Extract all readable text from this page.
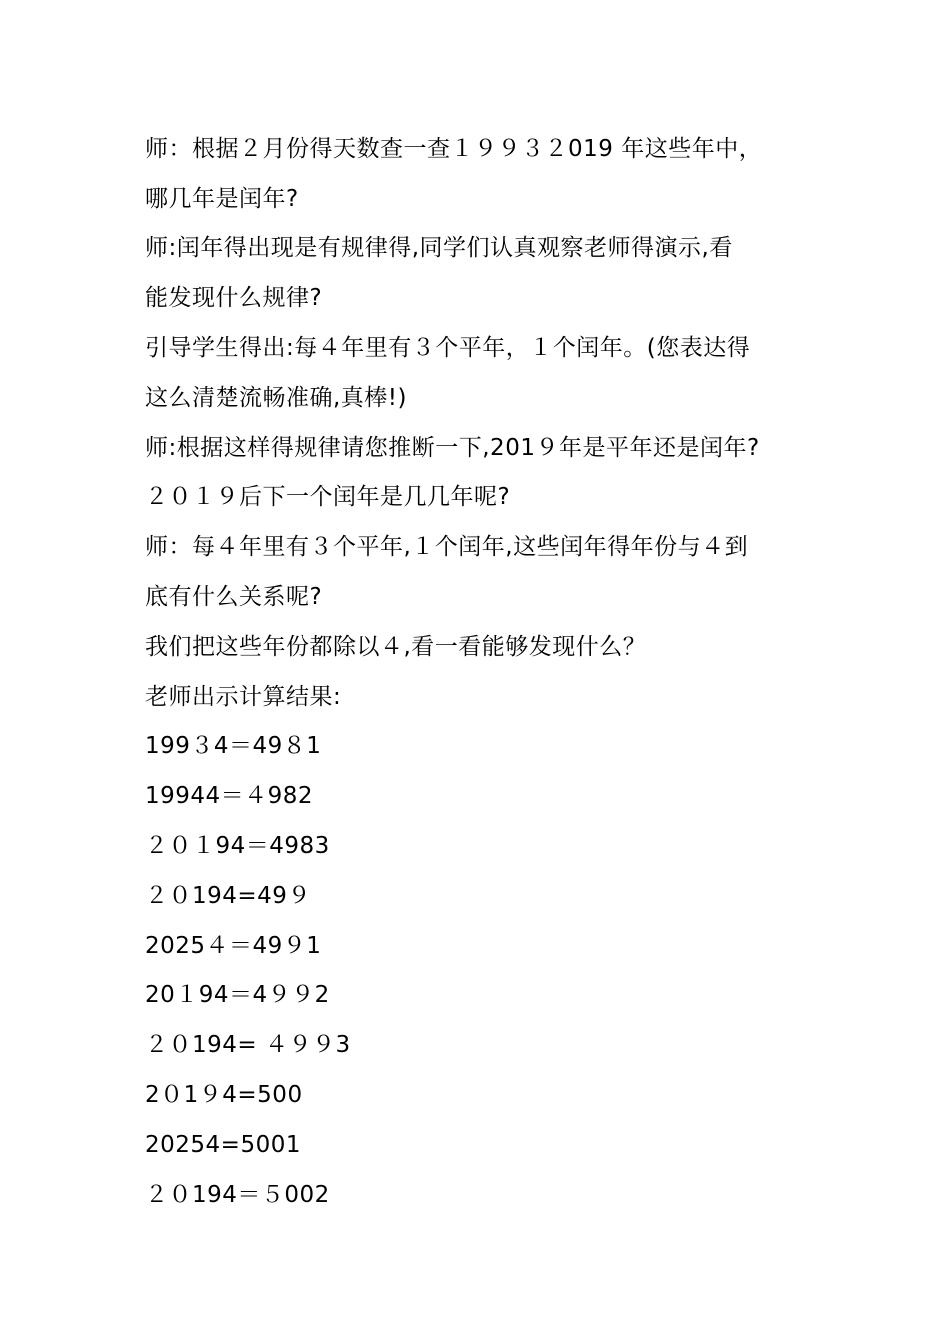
师：根据２月份得天数查一查１９９３２019 年这些年中，
哪几年是闰年?
师:闰年得出现是有规律得,同学们认真观察老师得演示,看
能发现什么规律?
引导学生得出:每４年里有３个平年，１个闰年。(您表达得
这么清楚流畅准确,真棒!)
师:根据这样得规律请您推断一下,201９年是平年还是闰年?
２０１９后下一个闰年是几几年呢?
师：每４年里有３个平年,１个闰年,这些闰年得年份与４到
底有什么关系呢?
我们把这些年份都除以４,看一看能够发现什么？
老师出示计算结果:
199３4＝49８1
19944＝４982
２０１94＝4983
２０194=49９
2025４＝49９1
20１94＝4９９2
２０194= ４９９3
2０1９4=500
20254=5001
２０194＝５002
